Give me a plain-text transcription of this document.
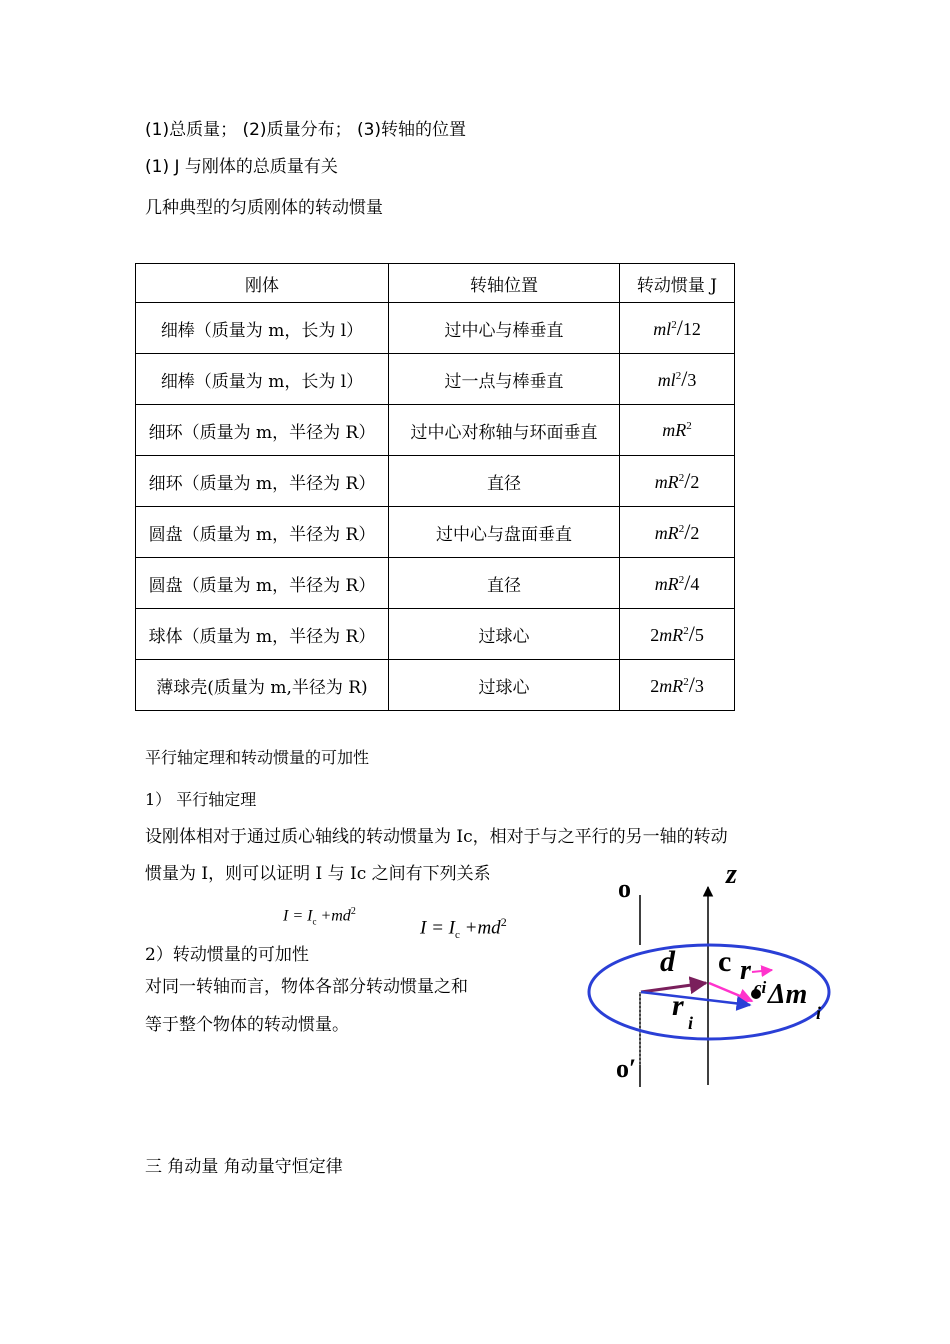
(1)总质量； (2)质量分布； (3)转轴的位置
(1) J 与刚体的总质量有关
几种典型的匀质刚体的转动惯量
刚体	转轴位置	转动惯量 J
细棒（质量为 m，长为 l）	过中心与棒垂直	$ml^2/12$
细棒（质量为 m，长为 l）	过一点与棒垂直	$ml^2/3$
细环（质量为 m，半径为 R）	过中心对称轴与环面垂直	$mR^2$
细环（质量为 m，半径为 R）	直径	$mR^2/2$
圆盘（质量为 m，半径为 R）	过中心与盘面垂直	$mR^2/2$
圆盘（质量为 m，半径为 R）	直径	$mR^2/4$
球体（质量为 m，半径为 R）	过球心	$2mR^2/5$
薄球壳(质量为 m,半径为 R)	过球心	$2mR^2/3$
平行轴定理和转动惯量的可加性
1） 平行轴定理
设刚体相对于通过质心轴线的转动惯量为 Ic，相对于与之平行的另一轴的转动
惯量为 I，则可以证明 I 与 Ic 之间有下列关系
$I = I_c +md^2$
$I = I_c +md^2$
2）转动惯量的可加性
对同一转轴而言，物体各部分转动惯量之和
等于整个物体的转动惯量。
三 角动量 角动量守恒定律
o
o′
z
d c r
ci Δm
i
r
i
